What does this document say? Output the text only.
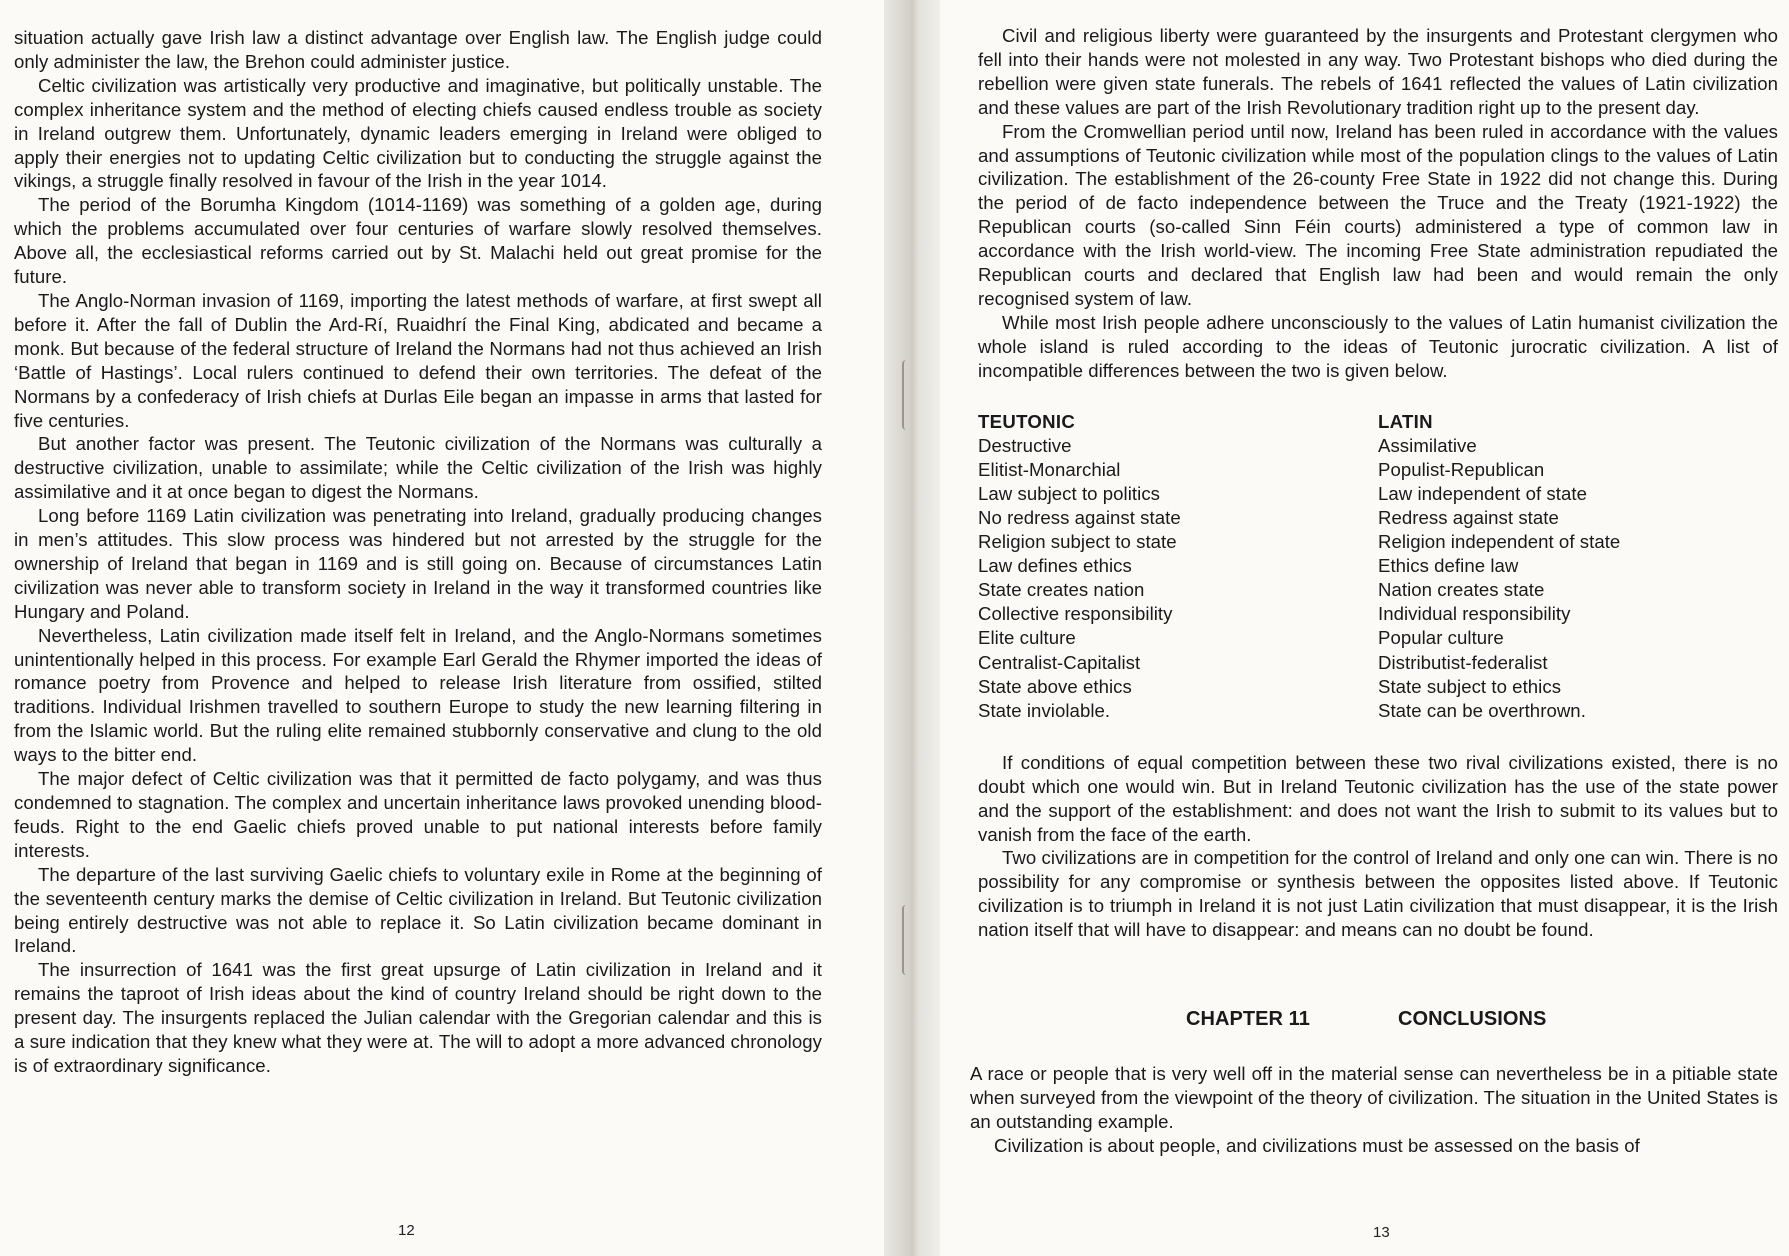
situation actually gave Irish law a distinct advantage over English law. The English judge could only administer the law, the Brehon could administer justice.

Celtic civilization was artistically very productive and imaginative, but politically unstable. The complex inheritance system and the method of electing chiefs caused endless trouble as society in Ireland outgrew them. Unfortunately, dynamic leaders emerging in Ireland were obliged to apply their energies not to updating Celtic civilization but to conducting the struggle against the vikings, a struggle finally resolved in favour of the Irish in the year 1014.

The period of the Borumha Kingdom (1014-1169) was something of a golden age, during which the problems accumulated over four centuries of warfare slowly resolved themselves. Above all, the ecclesiastical reforms carried out by St. Malachi held out great promise for the future.

The Anglo-Norman invasion of 1169, importing the latest methods of warfare, at first swept all before it. After the fall of Dublin the Ard-Rí, Ruaidhrí the Final King, abdicated and became a monk. But because of the federal structure of Ireland the Normans had not thus achieved an Irish ‘Battle of Hastings’. Local rulers continued to defend their own territories. The defeat of the Normans by a confederacy of Irish chiefs at Durlas Eile began an impasse in arms that lasted for five centuries.

But another factor was present. The Teutonic civilization of the Normans was culturally a destructive civilization, unable to assimilate; while the Celtic civilization of the Irish was highly assimilative and it at once began to digest the Normans.

Long before 1169 Latin civilization was penetrating into Ireland, gradually producing changes in men’s attitudes. This slow process was hindered but not arrested by the struggle for the ownership of Ireland that began in 1169 and is still going on. Because of circumstances Latin civilization was never able to transform society in Ireland in the way it transformed countries like Hungary and Poland.

Nevertheless, Latin civilization made itself felt in Ireland, and the Anglo-Normans sometimes unintentionally helped in this process. For example Earl Gerald the Rhymer imported the ideas of romance poetry from Provence and helped to release Irish literature from ossified, stilted traditions. Individual Irishmen travelled to southern Europe to study the new learning filtering in from the Islamic world. But the ruling elite remained stubbornly conservative and clung to the old ways to the bitter end.

The major defect of Celtic civilization was that it permitted de facto polygamy, and was thus condemned to stagnation. The complex and uncertain inheritance laws provoked unending blood-feuds. Right to the end Gaelic chiefs proved unable to put national interests before family interests.

The departure of the last surviving Gaelic chiefs to voluntary exile in Rome at the beginning of the seventeenth century marks the demise of Celtic civilization in Ireland. But Teutonic civilization being entirely destructive was not able to replace it. So Latin civilization became dominant in Ireland.

The insurrection of 1641 was the first great upsurge of Latin civilization in Ireland and it remains the taproot of Irish ideas about the kind of country Ireland should be right down to the present day. The insurgents replaced the Julian calendar with the Gregorian calendar and this is a sure indication that they knew what they were at. The will to adopt a more advanced chronology is of extraordinary significance.

12

Civil and religious liberty were guaranteed by the insurgents and Protestant clergymen who fell into their hands were not molested in any way. Two Protestant bishops who died during the rebellion were given state funerals. The rebels of 1641 reflected the values of Latin civilization and these values are part of the Irish Revolutionary tradition right up to the present day.

From the Cromwellian period until now, Ireland has been ruled in accordance with the values and assumptions of Teutonic civilization while most of the population clings to the values of Latin civilization. The establishment of the 26-county Free State in 1922 did not change this. During the period of de facto independence between the Truce and the Treaty (1921-1922) the Republican courts (so-called Sinn Féin courts) administered a type of common law in accordance with the Irish world-view. The incoming Free State administration repudiated the Republican courts and declared that English law had been and would remain the only recognised system of law.

While most Irish people adhere unconsciously to the values of Latin humanist civilization the whole island is ruled according to the ideas of Teutonic jurocratic civilization. A list of incompatible differences between the two is given below.

TEUTONIC
Destructive
Elitist-Monarchial
Law subject to politics
No redress against state
Religion subject to state
Law defines ethics
State creates nation
Collective responsibility
Elite culture
Centralist-Capitalist
State above ethics
State inviolable.
LATIN
Assimilative
Populist-Republican
Law independent of state
Redress against state
Religion independent of state
Ethics define law
Nation creates state
Individual responsibility
Popular culture
Distributist-federalist
State subject to ethics
State can be overthrown.

If conditions of equal competition between these two rival civilizations existed, there is no doubt which one would win. But in Ireland Teutonic civilization has the use of the state power and the support of the establishment: and does not want the Irish to submit to its values but to vanish from the face of the earth.

Two civilizations are in competition for the control of Ireland and only one can win. There is no possibility for any compromise or synthesis between the opposites listed above. If Teutonic civilization is to triumph in Ireland it is not just Latin civilization that must disappear, it is the Irish nation itself that will have to disappear: and means can no doubt be found.

CHAPTER 11	CONCLUSIONS

A race or people that is very well off in the material sense can nevertheless be in a pitiable state when surveyed from the viewpoint of the theory of civilization. The situation in the United States is an outstanding example.

Civilization is about people, and civilizations must be assessed on the basis of

13
